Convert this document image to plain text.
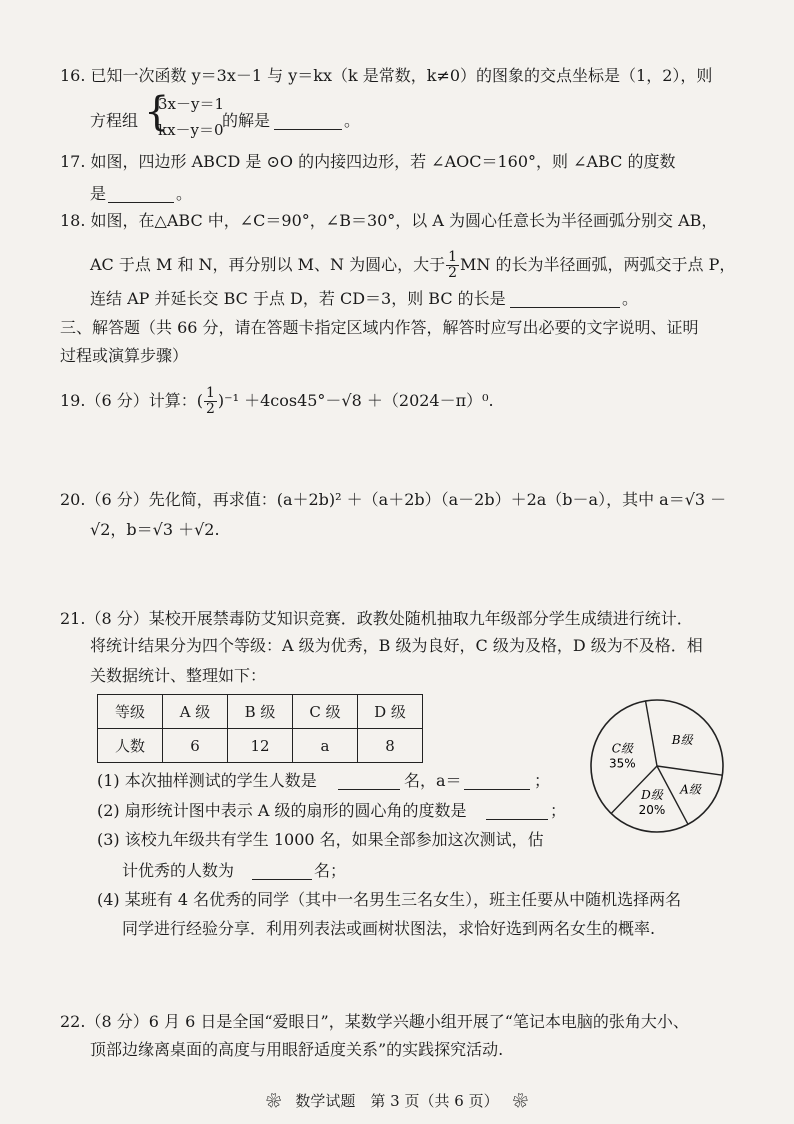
16. 已知一次函数 y＝3x－1 与 y＝kx（k 是常数，k≠0）的图象的交点坐标是（1，2），则
方程组 {
3x－y＝1
kx－y＝0
的解是	。
17. 如图，四边形 ABCD 是 ⊙O 的内接四边形，若 ∠AOC＝160°，则 ∠ABC 的度数
是	。
18. 如图，在△ABC 中，∠C＝90°，∠B＝30°，以 A 为圆心任意长为半径画弧分别交 AB，
AC 于点 M 和 N，再分别以 M、N 为圆心，大于 $\frac{1}{2}$ MN 的长为半径画弧，两弧交于点 P，
连结 AP 并延长交 BC 于点 D，若 CD＝3，则 BC 的长是	。
三、解答题（共 66 分，请在答题卡指定区域内作答，解答时应写出必要的文字说明、证明
过程或演算步骤）
19.（6 分）计算：( $\frac{1}{2} )^{-1} +4\cos 45^\circ-√8 +(2024-\pi)^0$.
20.（6 分）先化简，再求值：(a＋2b)² ＋（a＋2b）（a－2b）＋2a（b－a），其中 a＝√3 －
√2，b＝√3 ＋√2.
21.（8 分）某校开展禁毒防艾知识竞赛．政教处随机抽取九年级部分学生成绩进行统计．
将统计结果分为四个等级：A 级为优秀，B 级为良好，C 级为及格，D 级为不及格．相
关数据统计、整理如下：
等级	A 级	B 级	C 级	D 级
人数	6	12	a	8
(1) 本次抽样测试的学生人数是	名，a＝	；
(2) 扇形统计图中表示 A 级的扇形的圆心角的度数是	；
(3) 该校九年级共有学生 1000 名，如果全部参加这次测试，估
计优秀的人数为	名；
(4) 某班有 4 名优秀的同学（其中一名男生三名女生），班主任要从中随机选择两名
同学进行经验分享．利用列表法或画树状图法，求恰好选到两名女生的概率.
B级
A级
D级
20%
C级
35%
22.（8 分）6 月 6 日是全国“爱眼日”，某数学兴趣小组开展了“笔记本电脑的张角大小、
顶部边缘离桌面的高度与用眼舒适度关系”的实践探究活动.
❀ 数学试题　第 3 页（共 6 页） ❀
